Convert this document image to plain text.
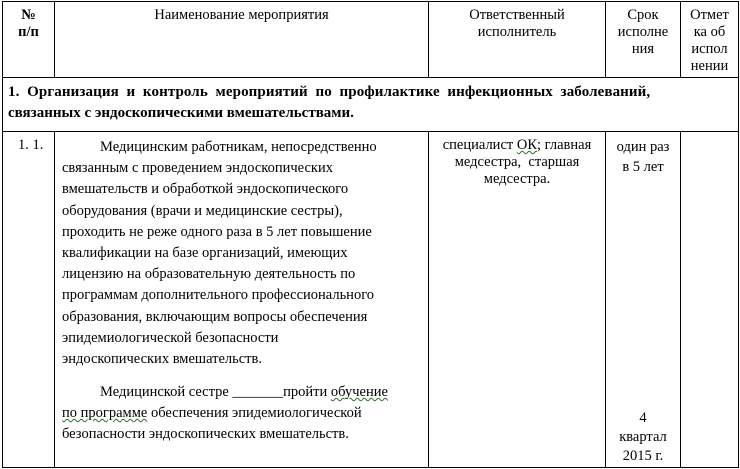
№
п/п
Наименование мероприятия	Ответственный
исполнитель
Срок
исполне
ния
Отмет
ка об
испол
нении
1.  Организация  и  контроль  мероприятий  по  профилактике  инфекционных  заболеваний,
связанных с эндоскопическими вмешательствами.
1. 1.	Медицинским работникам, непосредственно
связанным с проведением эндоскопических
вмешательств и обработкой эндоскопического
оборудования (врачи и медицинские сестры),
проходить не реже одного раза в 5 лет повышение
квалификации на базе организаций, имеющих
лицензию на образовательную деятельность по
программам дополнительного профессионального
образования, включающим вопросы обеспечения
эпидемиологической безопасности
эндоскопических вмешательств.
Медицинской сестре _______пройти обучение
по программе обеспечения эпидемиологической
безопасности эндоскопических вмешательств.
специалист ОК; главная
медсестра,  старшая
медсестра.
один раз
в 5 лет
4
квартал
2015 г.
